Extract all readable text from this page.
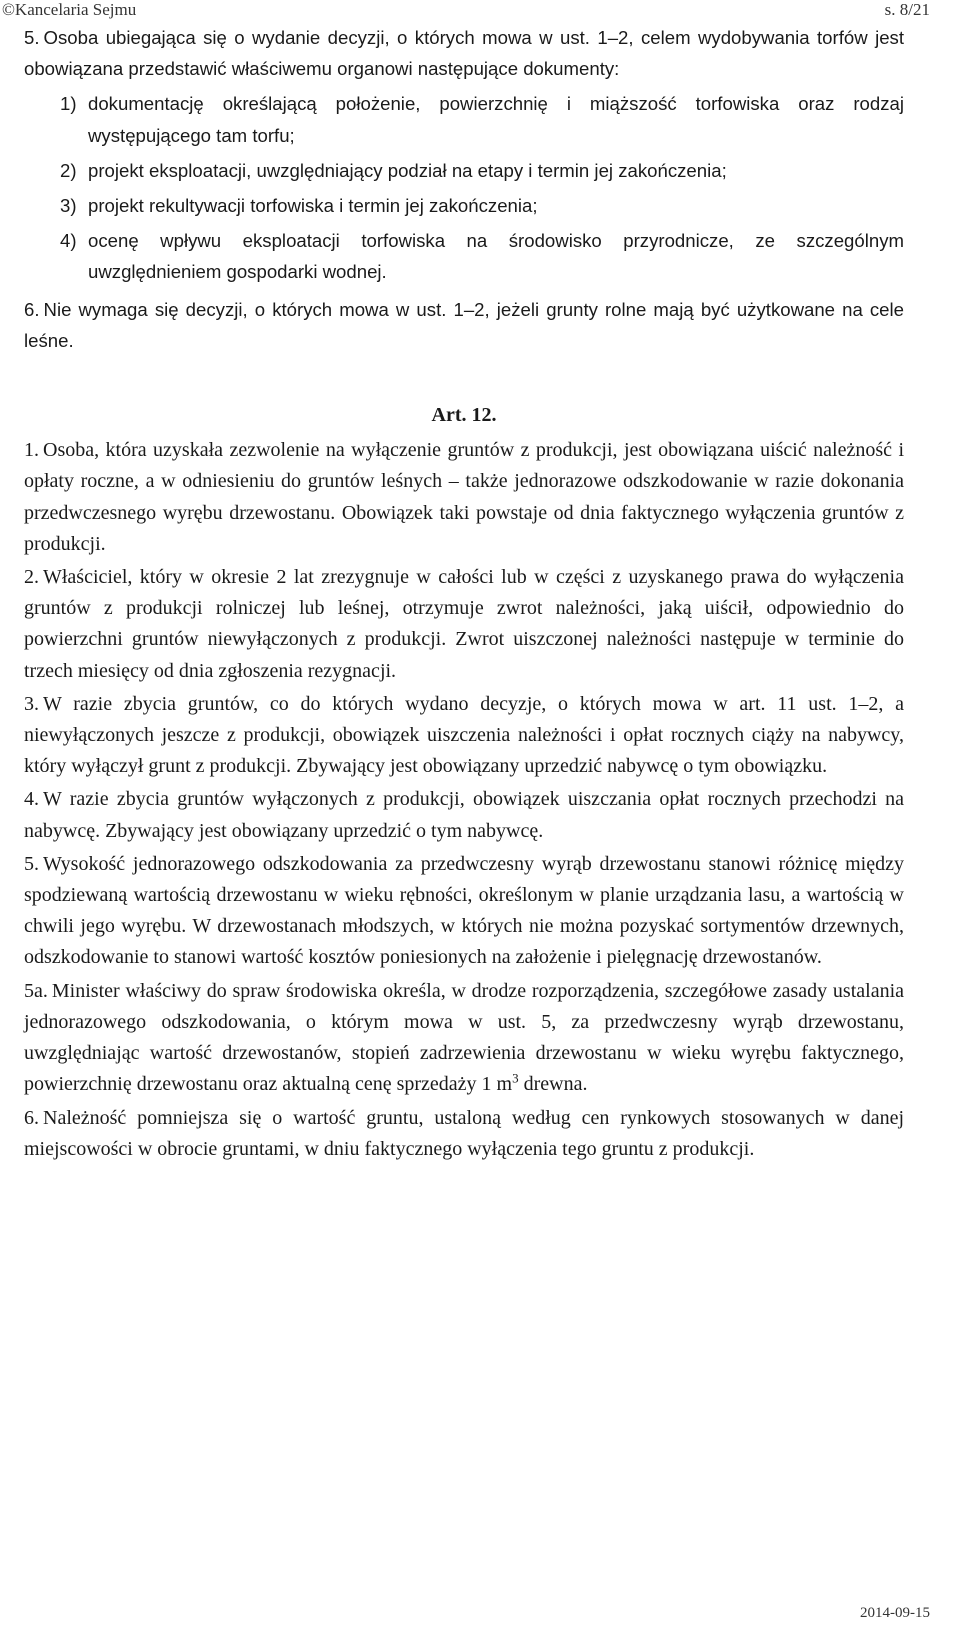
©Kancelaria Sejmu	s. 8/21

5. Osoba ubiegająca się o wydanie decyzji, o których mowa w ust. 1–2, celem wydobywania torfów jest obowiązana przedstawić właściwemu organowi następujące dokumenty:

1) dokumentację określającą położenie, powierzchnię i miąższość torfowiska oraz rodzaj występującego tam torfu;
2) projekt eksploatacji, uwzględniający podział na etapy i termin jej zakończenia;
3) projekt rekultywacji torfowiska i termin jej zakończenia;
4) ocenę wpływu eksploatacji torfowiska na środowisko przyrodnicze, ze szczególnym uwzględnieniem gospodarki wodnej.

6. Nie wymaga się decyzji, o których mowa w ust. 1–2, jeżeli grunty rolne mają być użytkowane na cele leśne.

Art. 12.

1. Osoba, która uzyskała zezwolenie na wyłączenie gruntów z produkcji, jest obowiązana uiścić należność i opłaty roczne, a w odniesieniu do gruntów leśnych – także jednorazowe odszkodowanie w razie dokonania przedwczesnego wyrębu drzewostanu. Obowiązek taki powstaje od dnia faktycznego wyłączenia gruntów z produkcji.

2. Właściciel, który w okresie 2 lat zrezygnuje w całości lub w części z uzyskanego prawa do wyłączenia gruntów z produkcji rolniczej lub leśnej, otrzymuje zwrot należności, jaką uiścił, odpowiednio do powierzchni gruntów niewyłączonych z produkcji. Zwrot uiszczonej należności następuje w terminie do trzech miesięcy od dnia zgłoszenia rezygnacji.

3. W razie zbycia gruntów, co do których wydano decyzje, o których mowa w art. 11 ust. 1–2, a niewyłączonych jeszcze z produkcji, obowiązek uiszczenia należności i opłat rocznych ciąży na nabywcy, który wyłączył grunt z produkcji. Zbywający jest obowiązany uprzedzić nabywcę o tym obowiązku.

4. W razie zbycia gruntów wyłączonych z produkcji, obowiązek uiszczania opłat rocznych przechodzi na nabywcę. Zbywający jest obowiązany uprzedzić o tym nabywcę.

5. Wysokość jednorazowego odszkodowania za przedwczesny wyrąb drzewostanu stanowi różnicę między spodziewaną wartością drzewostanu w wieku rębności, określonym w planie urządzania lasu, a wartością w chwili jego wyrębu. W drzewostanach młodszych, w których nie można pozyskać sortymentów drzewnych, odszkodowanie to stanowi wartość kosztów poniesionych na założenie i pielęgnację drzewostanów.

5a. Minister właściwy do spraw środowiska określa, w drodze rozporządzenia, szczegółowe zasady ustalania jednorazowego odszkodowania, o którym mowa w ust. 5, za przedwczesny wyrąb drzewostanu, uwzględniając wartość drzewostanów, stopień zadrzewienia drzewostanu w wieku wyrębu faktycznego, powierzchnię drzewostanu oraz aktualną cenę sprzedaży 1 $m^3$ drewna.

6. Należność pomniejsza się o wartość gruntu, ustaloną według cen rynkowych stosowanych w danej miejscowości w obrocie gruntami, w dniu faktycznego wyłączenia tego gruntu z produkcji.

2014-09-15
